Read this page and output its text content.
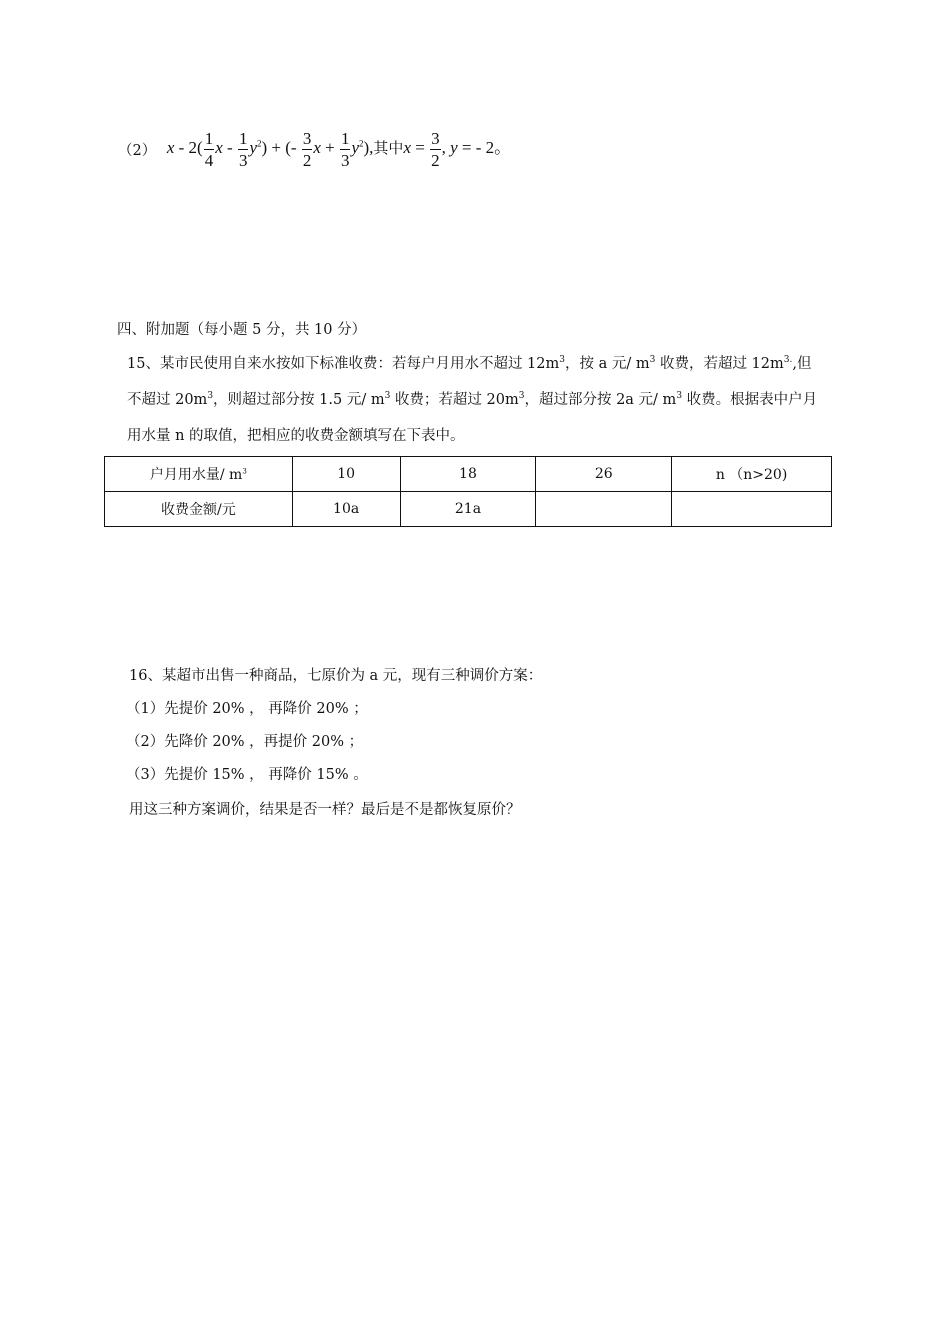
（2） x - $2( \frac{1}{4}$ x - $\frac{1}{3} y^2$) + (- $\frac{3}{2}$ $x + \frac{1}{3} y^2$),其中$x = \frac{3}{2}$ , y = - 2。
四、附加题（每小题 5 分，共 10 分）
15、某市民使用自来水按如下标准收费：若每户月用水不超过 $12m^3$，按 a 元/ $m^3$ 收费，若超过 $12m^{3.}$,但
不超过 $20m^3$，则超过部分按 1.5 元/ $m^3$ 收费；若超过 $20m^3$，超过部分按 2a 元/ $m^3$ 收费。根据表中户月
用水量 n 的取值，把相应的收费金额填写在下表中。
户月用水量/ $m^3$	10	18	26	n （n>20)
收费金额/元	10a	21a		
16、某超市出售一种商品，七原价为 a 元，现有三种调价方案：
（1）先提价 20% ， 再降价 20% ；
（2）先降价 20% ，再提价 20% ；
（3）先提价 15% ， 再降价 15% 。
用这三种方案调价，结果是否一样？最后是不是都恢复原价？
